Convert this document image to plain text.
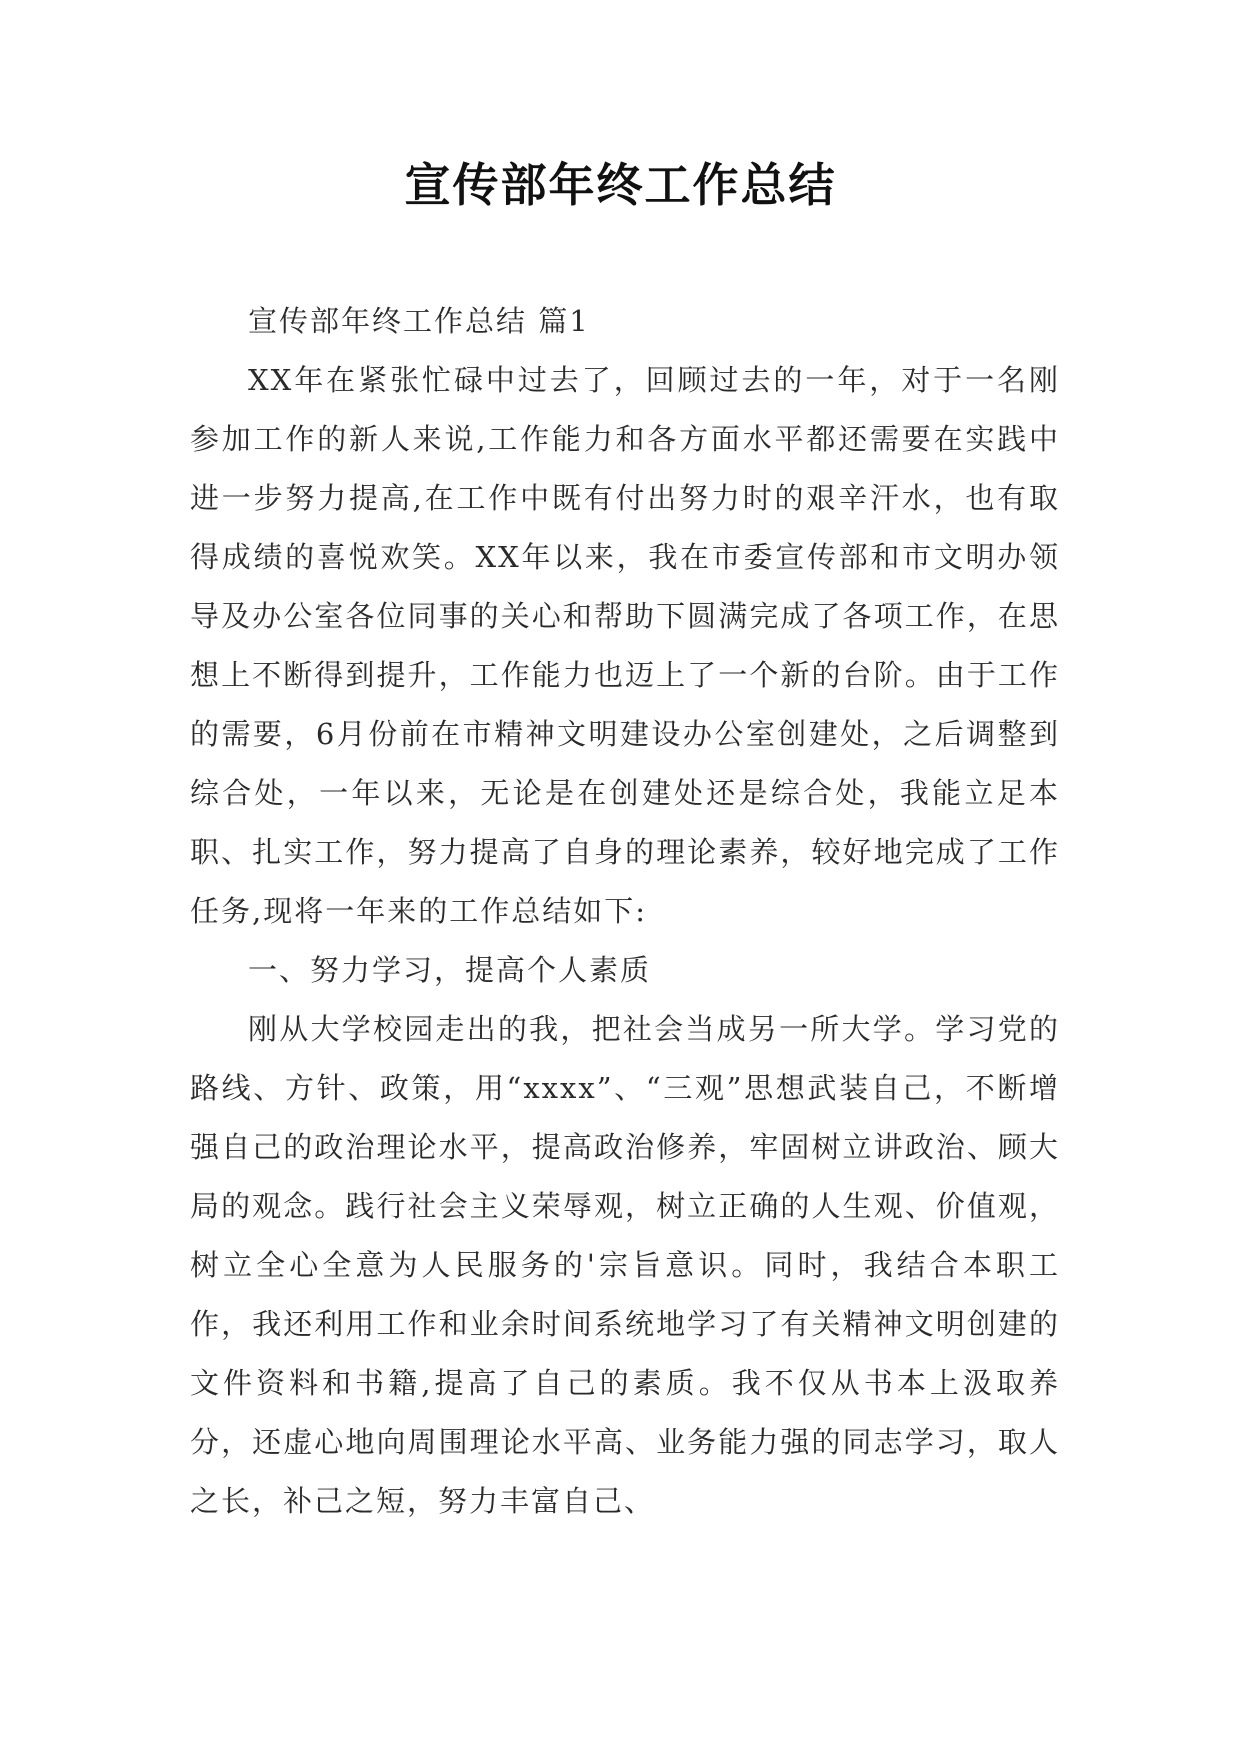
宣传部年终工作总结

宣传部年终工作总结 篇1

XX年在紧张忙碌中过去了，回顾过去的一年，对于一名刚参加工作的新人来说,工作能力和各方面水平都还需要在实践中进一步努力提高,在工作中既有付出努力时的艰辛汗水，也有取得成绩的喜悦欢笑。XX年以来，我在市委宣传部和市文明办领导及办公室各位同事的关心和帮助下圆满完成了各项工作，在思想上不断得到提升，工作能力也迈上了一个新的台阶。由于工作的需要，6月份前在市精神文明建设办公室创建处，之后调整到综合处，一年以来，无论是在创建处还是综合处，我能立足本职、扎实工作，努力提高了自身的理论素养，较好地完成了工作任务,现将一年来的工作总结如下:

一、努力学习，提高个人素质

刚从大学校园走出的我，把社会当成另一所大学。学习党的路线、方针、政策，用“xxxx”、“三观”思想武装自己，不断增强自己的政治理论水平，提高政治修养，牢固树立讲政治、顾大局的观念。践行社会主义荣辱观，树立正确的人生观、价值观，树立全心全意为人民服务的'宗旨意识。同时，我结合本职工作，我还利用工作和业余时间系统地学习了有关精神文明创建的文件资料和书籍,提高了自己的素质。我不仅从书本上汲取养分，还虚心地向周围理论水平高、业务能力强的同志学习，取人之长，补己之短，努力丰富自己、
